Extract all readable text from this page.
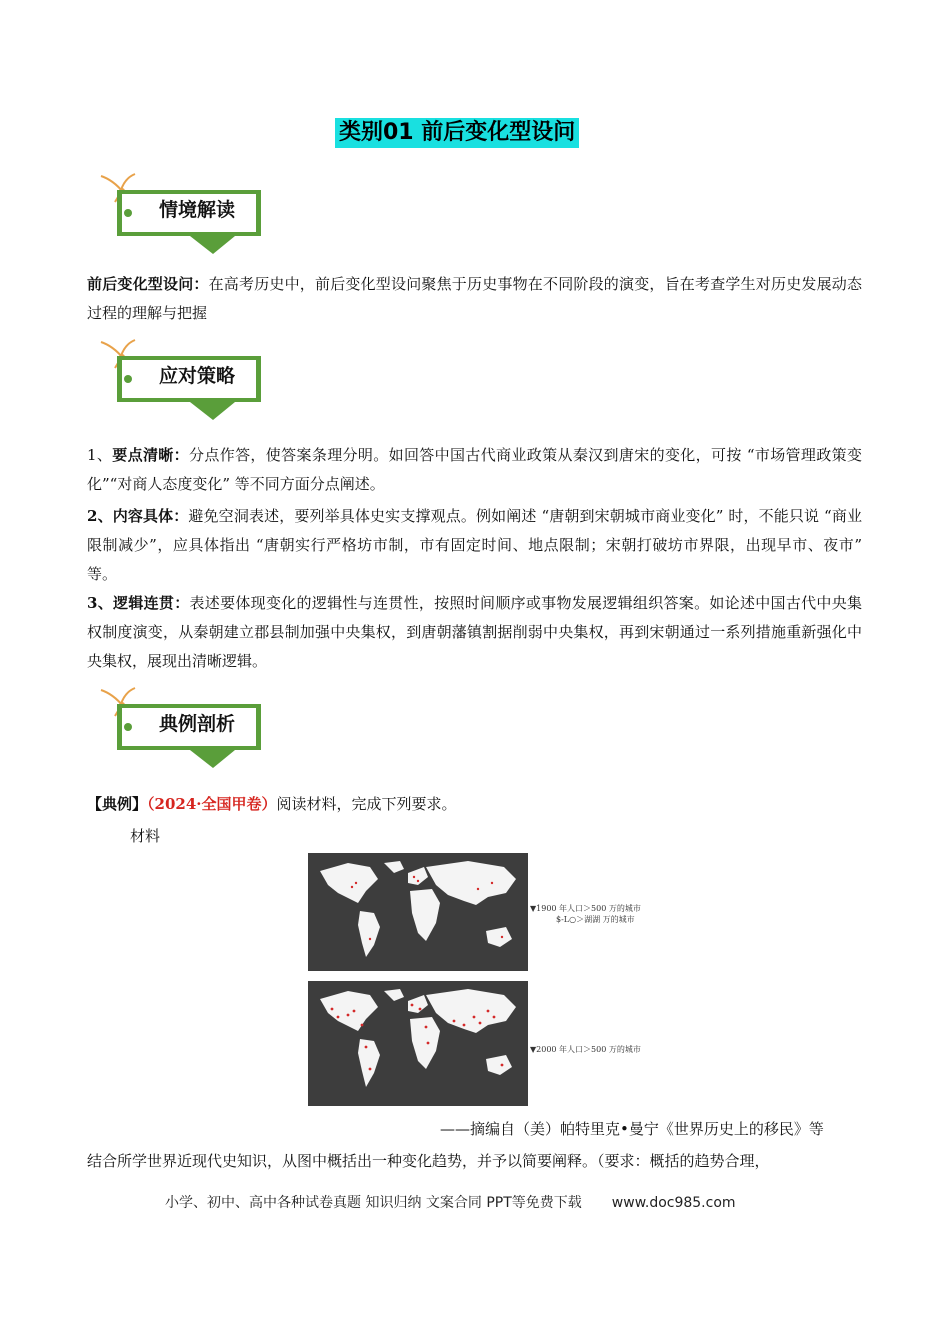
类别01 前后变化型设问
情境解读
前后变化型设问：在高考历史中，前后变化型设问聚焦于历史事物在不同阶段的演变，旨在考查学生对历史发展动态过程的理解与把握
应对策略
1、要点清晰：分点作答，使答案条理分明。如回答中国古代商业政策从秦汉到唐宋的变化，可按 “市场管理政策变化”“对商人态度变化” 等不同方面分点阐述。
2、内容具体：避免空洞表述，要列举具体史实支撑观点。例如阐述 “唐朝到宋朝城市商业变化” 时，不能只说 “商业限制减少”，应具体指出 “唐朝实行严格坊市制，市有固定时间、地点限制；宋朝打破坊市界限，出现早市、夜市” 等。
3、逻辑连贯：表述要体现变化的逻辑性与连贯性，按照时间顺序或事物发展逻辑组织答案。如论述中国古代中央集权制度演变，从秦朝建立郡县制加强中央集权，到唐朝藩镇割据削弱中央集权，再到宋朝通过一系列措施重新强化中央集权，展现出清晰逻辑。
典例剖析
【典例】（2024·全国甲卷）阅读材料，完成下列要求。
材料
▼1900 年人口＞500 万的城市
$-L○＞湖湖 万的城市
▼2000 年人口＞500 万的城市
——摘编自（美）帕特里克•曼宁《世界历史上的移民》等
结合所学世界近现代史知识，从图中概括出一种变化趋势，并予以简要阐释。（要求：概括的趋势合理，
小学、初中、高中各种试卷真题 知识归纳 文案合同 PPT等免费下载 www.doc985.com
